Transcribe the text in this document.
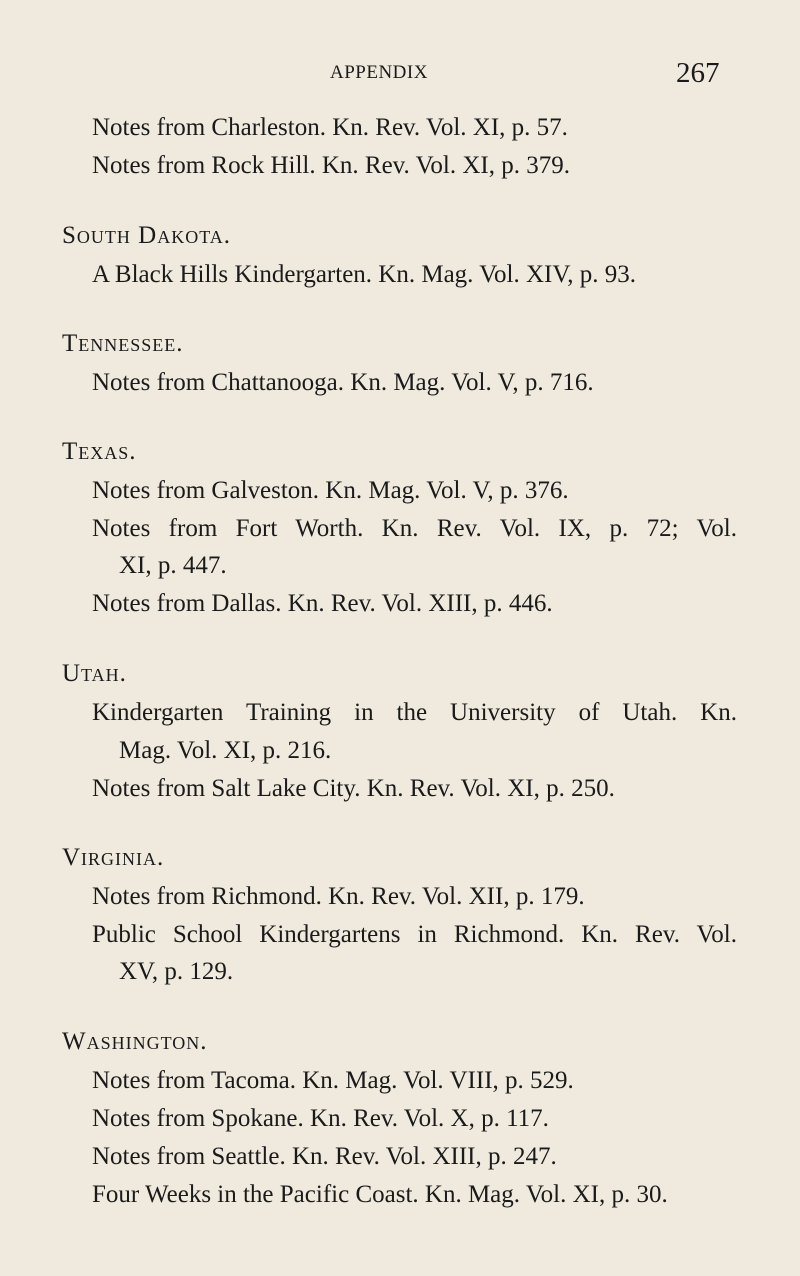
APPENDIX	267
Notes from Charleston. Kn. Rev. Vol. XI, p. 57.
Notes from Rock Hill. Kn. Rev. Vol. XI, p. 379.
South Dakota.
A Black Hills Kindergarten. Kn. Mag. Vol. XIV, p. 93.
Tennessee.
Notes from Chattanooga. Kn. Mag. Vol. V, p. 716.
Texas.
Notes from Galveston. Kn. Mag. Vol. V, p. 376.
Notes from Fort Worth. Kn. Rev. Vol. IX, p. 72; Vol.
XI, p. 447.
Notes from Dallas. Kn. Rev. Vol. XIII, p. 446.
Utah.
Kindergarten Training in the University of Utah. Kn.
Mag. Vol. XI, p. 216.
Notes from Salt Lake City. Kn. Rev. Vol. XI, p. 250.
Virginia.
Notes from Richmond. Kn. Rev. Vol. XII, p. 179.
Public School Kindergartens in Richmond. Kn. Rev. Vol.
XV, p. 129.
Washington.
Notes from Tacoma. Kn. Mag. Vol. VIII, p. 529.
Notes from Spokane. Kn. Rev. Vol. X, p. 117.
Notes from Seattle. Kn. Rev. Vol. XIII, p. 247.
Four Weeks in the Pacific Coast. Kn. Mag. Vol. XI, p. 30.
